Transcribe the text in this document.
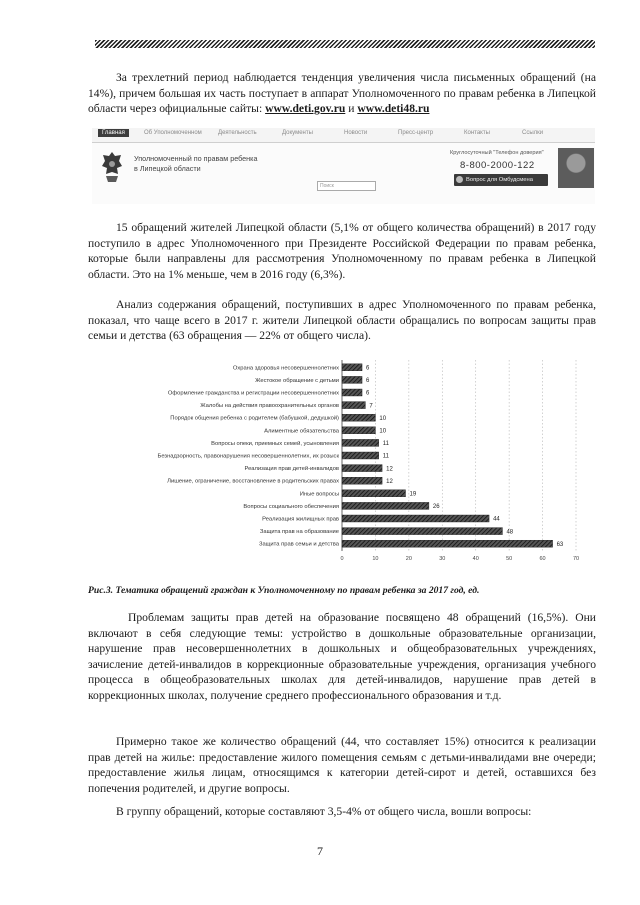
За трехлетний период наблюдается тенденция увеличения числа письменных обращений (на 14%), причем большая их часть поступает в аппарат Уполномоченного по правам ребенка в Липецкой области через официальные сайты: www.deti.gov.ru и www.deti48.ru

Главная	Об Уполномоченном	Деятельность	Документы	Новости	Пресс-центр	Контакты	Ссылки
Уполномоченный по правам ребенка
в Липецкой области
Поиск
Круглосуточный "Телефон доверия"
8-800-2000-122
Вопрос для Омбудсмена

15 обращений жителей Липецкой области (5,1% от общего количества обращений) в 2017 году поступило в адрес Уполномоченного при Президенте Российской Федерации по правам ребенка, которые были направлены для рассмотрения Уполномоченному по правам ребенка в Липецкой области. Это на 1% меньше, чем в 2016 году (6,3%).

Анализ содержания обращений, поступивших в адрес Уполномоченного по правам ребенка, показал, что чаще всего в 2017 г. жители Липецкой области обращались по вопросам защиты прав семьи и детства (63 обращения — 22% от общего числа).

0	10	20	30	40	50	60	70
Охрана здоровья несовершеннолетних	6
Жестокое обращение с детьми	6
Оформление гражданства и регистрации несовершеннолетних	6
Жалобы на действия правоохранительных органов	7
Порядок общения ребенка с родителем (бабушкой, дедушкой)	10
Алиментные обязательства	10
Вопросы опеки, приемных семей, усыновления	11
Безнадзорность, правонарушения несовершеннолетних, их розыск	11
Реализация прав детей-инвалидов	12
Лишение, ограничение, восстановление в родительских правах	12
Иные вопросы	19
Вопросы социального обеспечения	26
Реализация жилищных прав	44
Защита прав на образование	48
Защита прав семьи и детства	63
Рис.3. Тематика обращений граждан к Уполномоченному по правам ребенка за 2017 год, ед.

Проблемам защиты прав детей на образование посвящено 48 обращений (16,5%). Они включают в себя следующие темы: устройство в дошкольные образовательные организации, нарушение прав несовершеннолетних в дошкольных и общеобразовательных учреждениях, зачисление детей-инвалидов в коррекционные образовательные учреждения, организация учебного процесса в общеобразовательных школах для детей-инвалидов, нарушение прав детей в коррекционных школах, получение среднего профессионального образования и т.д.

Примерно такое же количество обращений (44, что составляет 15%) относится к реализации прав детей на жилье: предоставление жилого помещения семьям с детьми-инвалидами вне очереди; предоставление жилья лицам, относящимся к категории детей-сирот и детей, оставшихся без попечения родителей, и другие вопросы.

В группу обращений, которые составляют 3,5-4% от общего числа, вошли вопросы:

7
